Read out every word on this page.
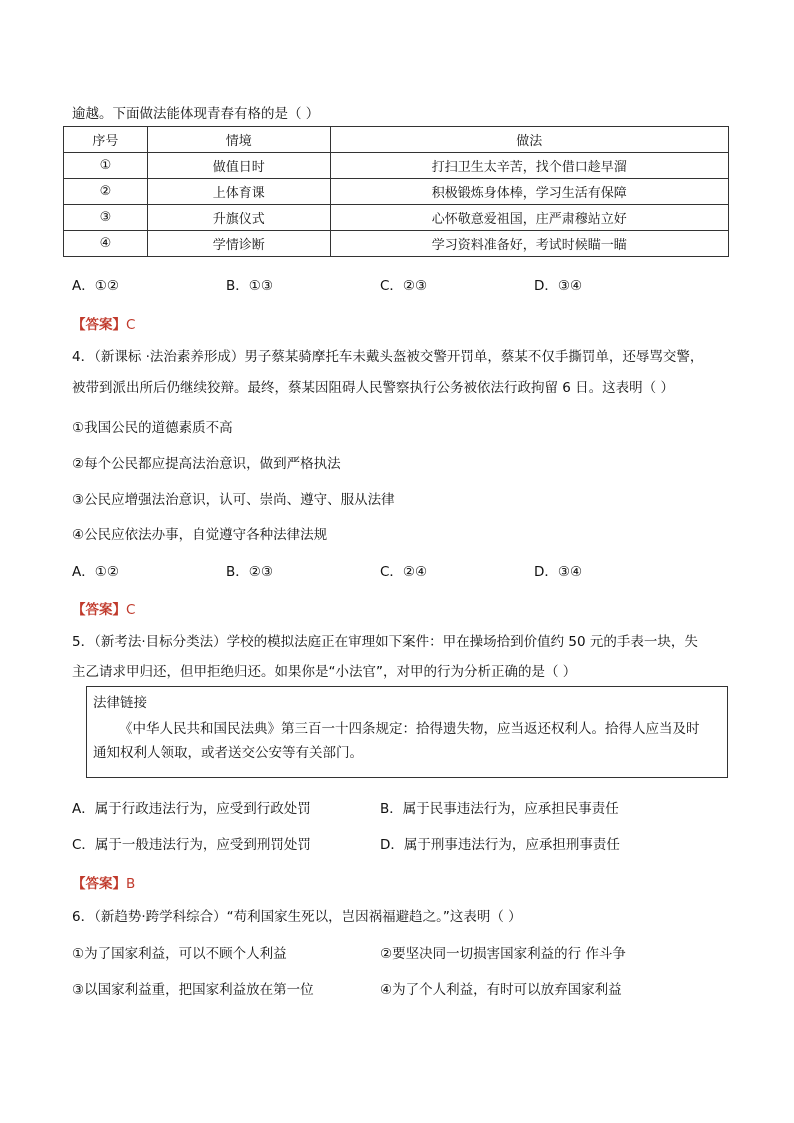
逾越。下面做法能体现青春有格的是（ ）
序号	情境	做法
①	做值日时	打扫卫生太辛苦，找个借口趁早溜
②	上体育课	积极锻炼身体棒，学习生活有保障
③	升旗仪式	心怀敬意爱祖国，庄严肃穆站立好
④	学情诊断	学习资料准备好，考试时候瞄一瞄
A．①②	B．①③	C．②③	D．③④
【答案】C
4．（新课标 ·法治素养形成）男子蔡某骑摩托车未戴头盔被交警开罚单，蔡某不仅手撕罚单，还辱骂交警，
被带到派出所后仍继续狡辩。最终，蔡某因阻碍人民警察执行公务被依法行政拘留 6 日。这表明（ ）
①我国公民的道德素质不高
②每个公民都应提高法治意识，做到严格执法
③公民应增强法治意识，认可、崇尚、遵守、服从法律
④公民应依法办事，自觉遵守各种法律法规
A．①②	B．②③	C．②④	D．③④
【答案】C
5．（新考法·目标分类法）学校的模拟法庭正在审理如下案件：甲在操场拾到价值约 50 元的手表一块，失
主乙请求甲归还，但甲拒绝归还。如果你是“小法官”，对甲的行为分析正确的是（ ）
法律链接
《中华人民共和国民法典》第三百一十四条规定：拾得遗失物，应当返还权利人。拾得人应当及时
通知权利人领取，或者送交公安等有关部门。
A．属于行政违法行为，应受到行政处罚	B．属于民事违法行为，应承担民事责任
C．属于一般违法行为，应受到刑罚处罚	D．属于刑事违法行为，应承担刑事责任
【答案】B
6．（新趋势·跨学科综合）“苟利国家生死以，岂因祸福避趋之。”这表明（ ）
①为了国家利益，可以不顾个人利益	②要坚决同一切损害国家利益的行 作斗争
③以国家利益重，把国家利益放在第一位	④为了个人利益，有时可以放弃国家利益
